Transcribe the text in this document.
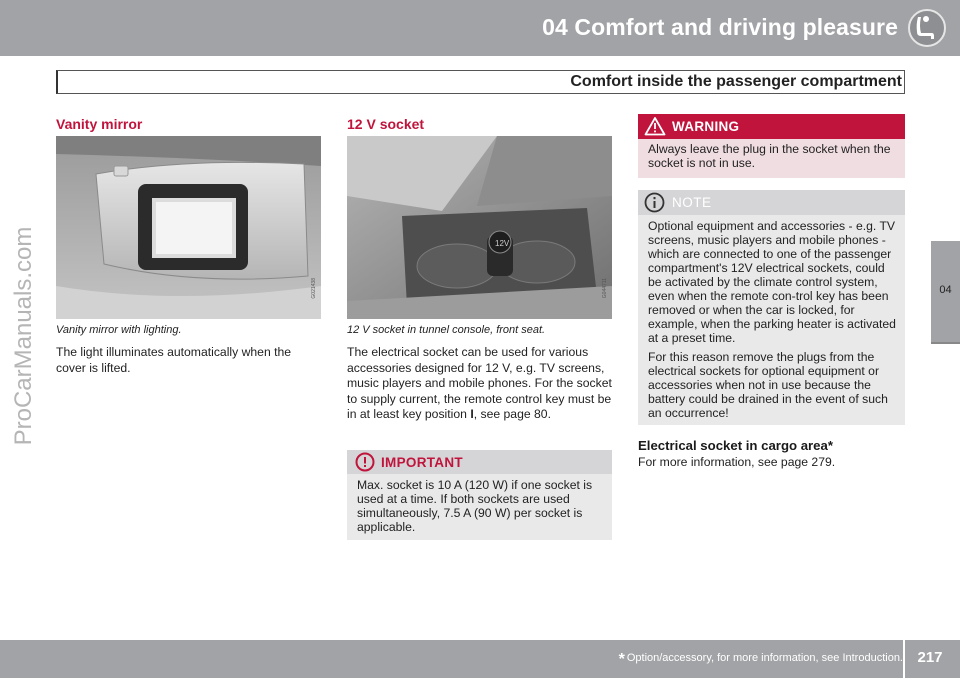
04 Comfort and driving pleasure
Comfort inside the passenger compartment
04
ProCarManuals.com
Vanity mirror
G021438
Vanity mirror with lighting.
The light illuminates automatically when the cover is lifted.
12 V socket
12V
G044711
12 V socket in tunnel console, front seat.
The electrical socket can be used for various accessories designed for 12 V, e.g. TV screens, music players and mobile phones. For the socket to supply current, the remote control key must be in at least key position I, see page 80.
IMPORTANT
Max. socket is 10 A (120 W) if one socket is used at a time. If both sockets are used simultaneously, 7.5 A (90 W) per socket is applicable.
WARNING
Always leave the plug in the socket when the socket is not in use.
NOTE

Optional equipment and accessories - e.g. TV screens, music players and mobile phones - which are connected to one of the passenger compartment's 12V electrical sockets, could be activated by the climate control system, even when the remote con-trol key has been removed or when the car is locked, for example, when the parking heater is activated at a preset time.

For this reason remove the plugs from the electrical sockets for optional equipment or accessories when not in use because the battery could be drained in the event of such an occurrence!

Electrical socket in cargo area*
For more information, see page 279.
* Option/accessory, for more information, see Introduction. 217
